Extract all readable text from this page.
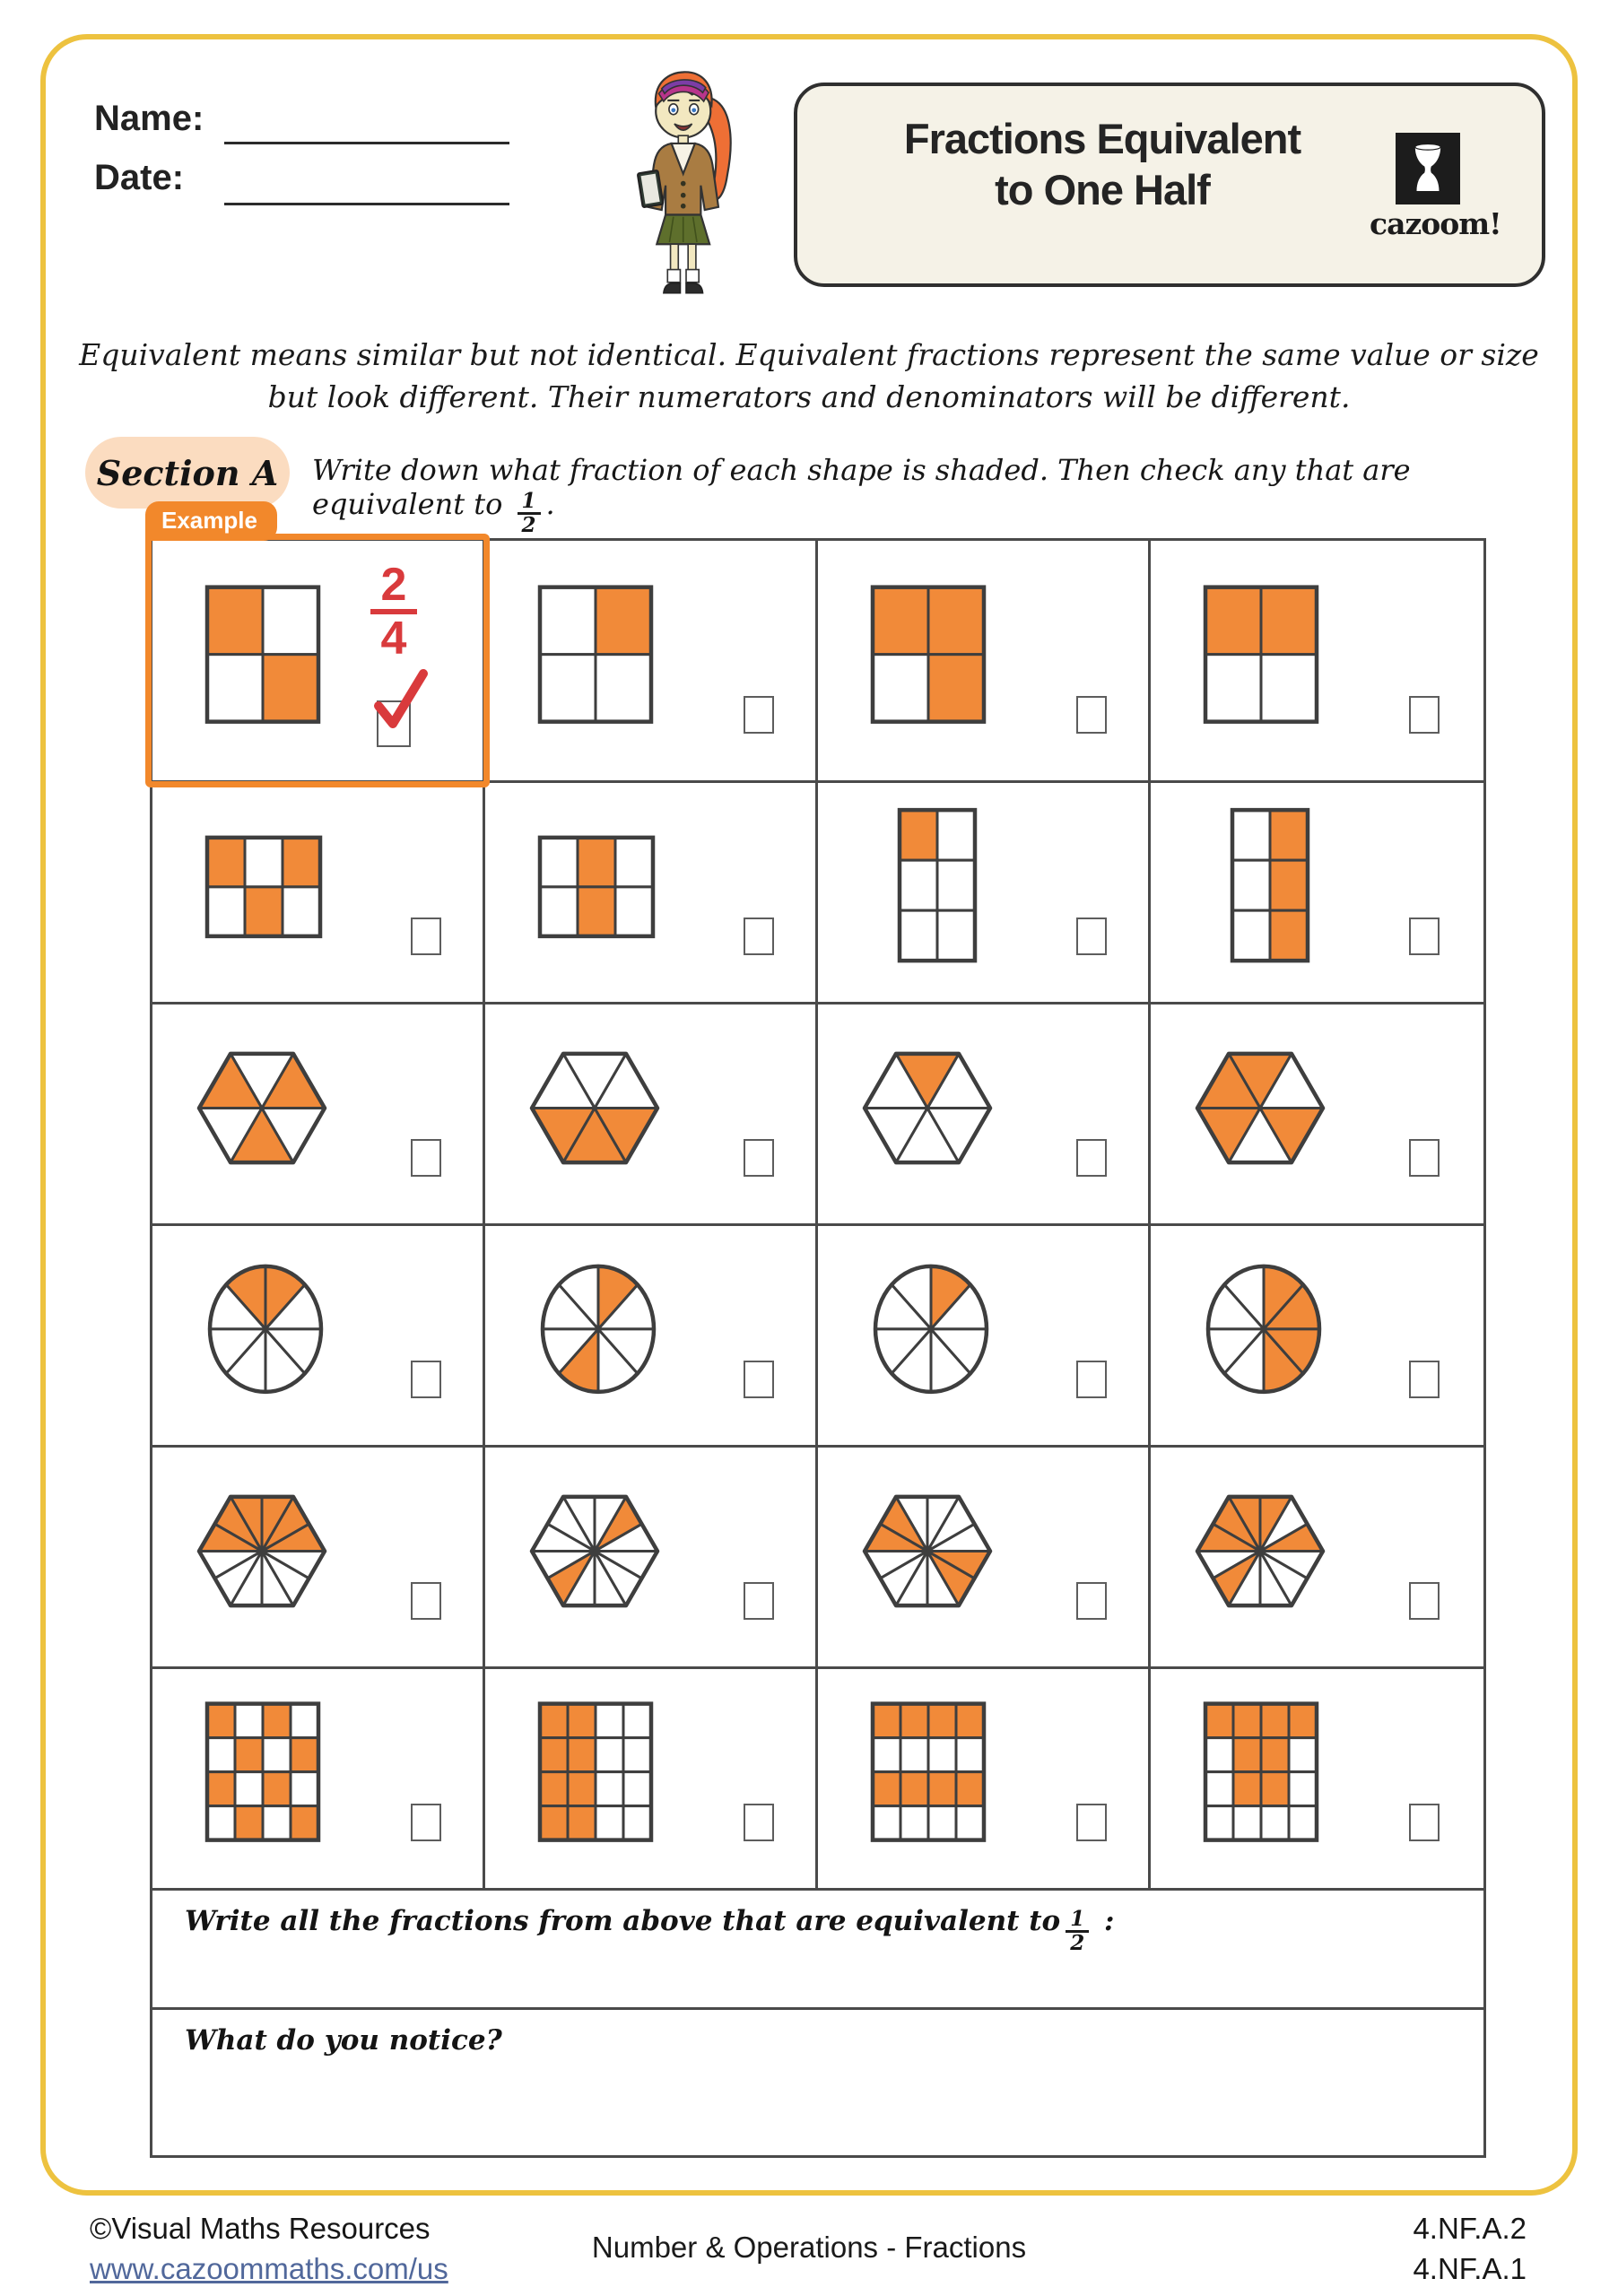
Name:
Date:
Fractions Equivalent
to One Half
cazoom!
Equivalent means similar but not identical. Equivalent fractions represent the same value or size
but look different. Their numerators and denominators will be different.
Section A	Write down what fraction of each shape is shaded. Then check any that are equivalent to $\frac{1}{2}$ .
Example
$\frac{2}{4}$
Write all the fractions from above that are equivalent to $\frac{1}{2}$ :
What do you notice?
©Visual Maths Resources
www.cazoommaths.com/us
Number & Operations - Fractions
4.NF.A.2
4.NF.A.1
